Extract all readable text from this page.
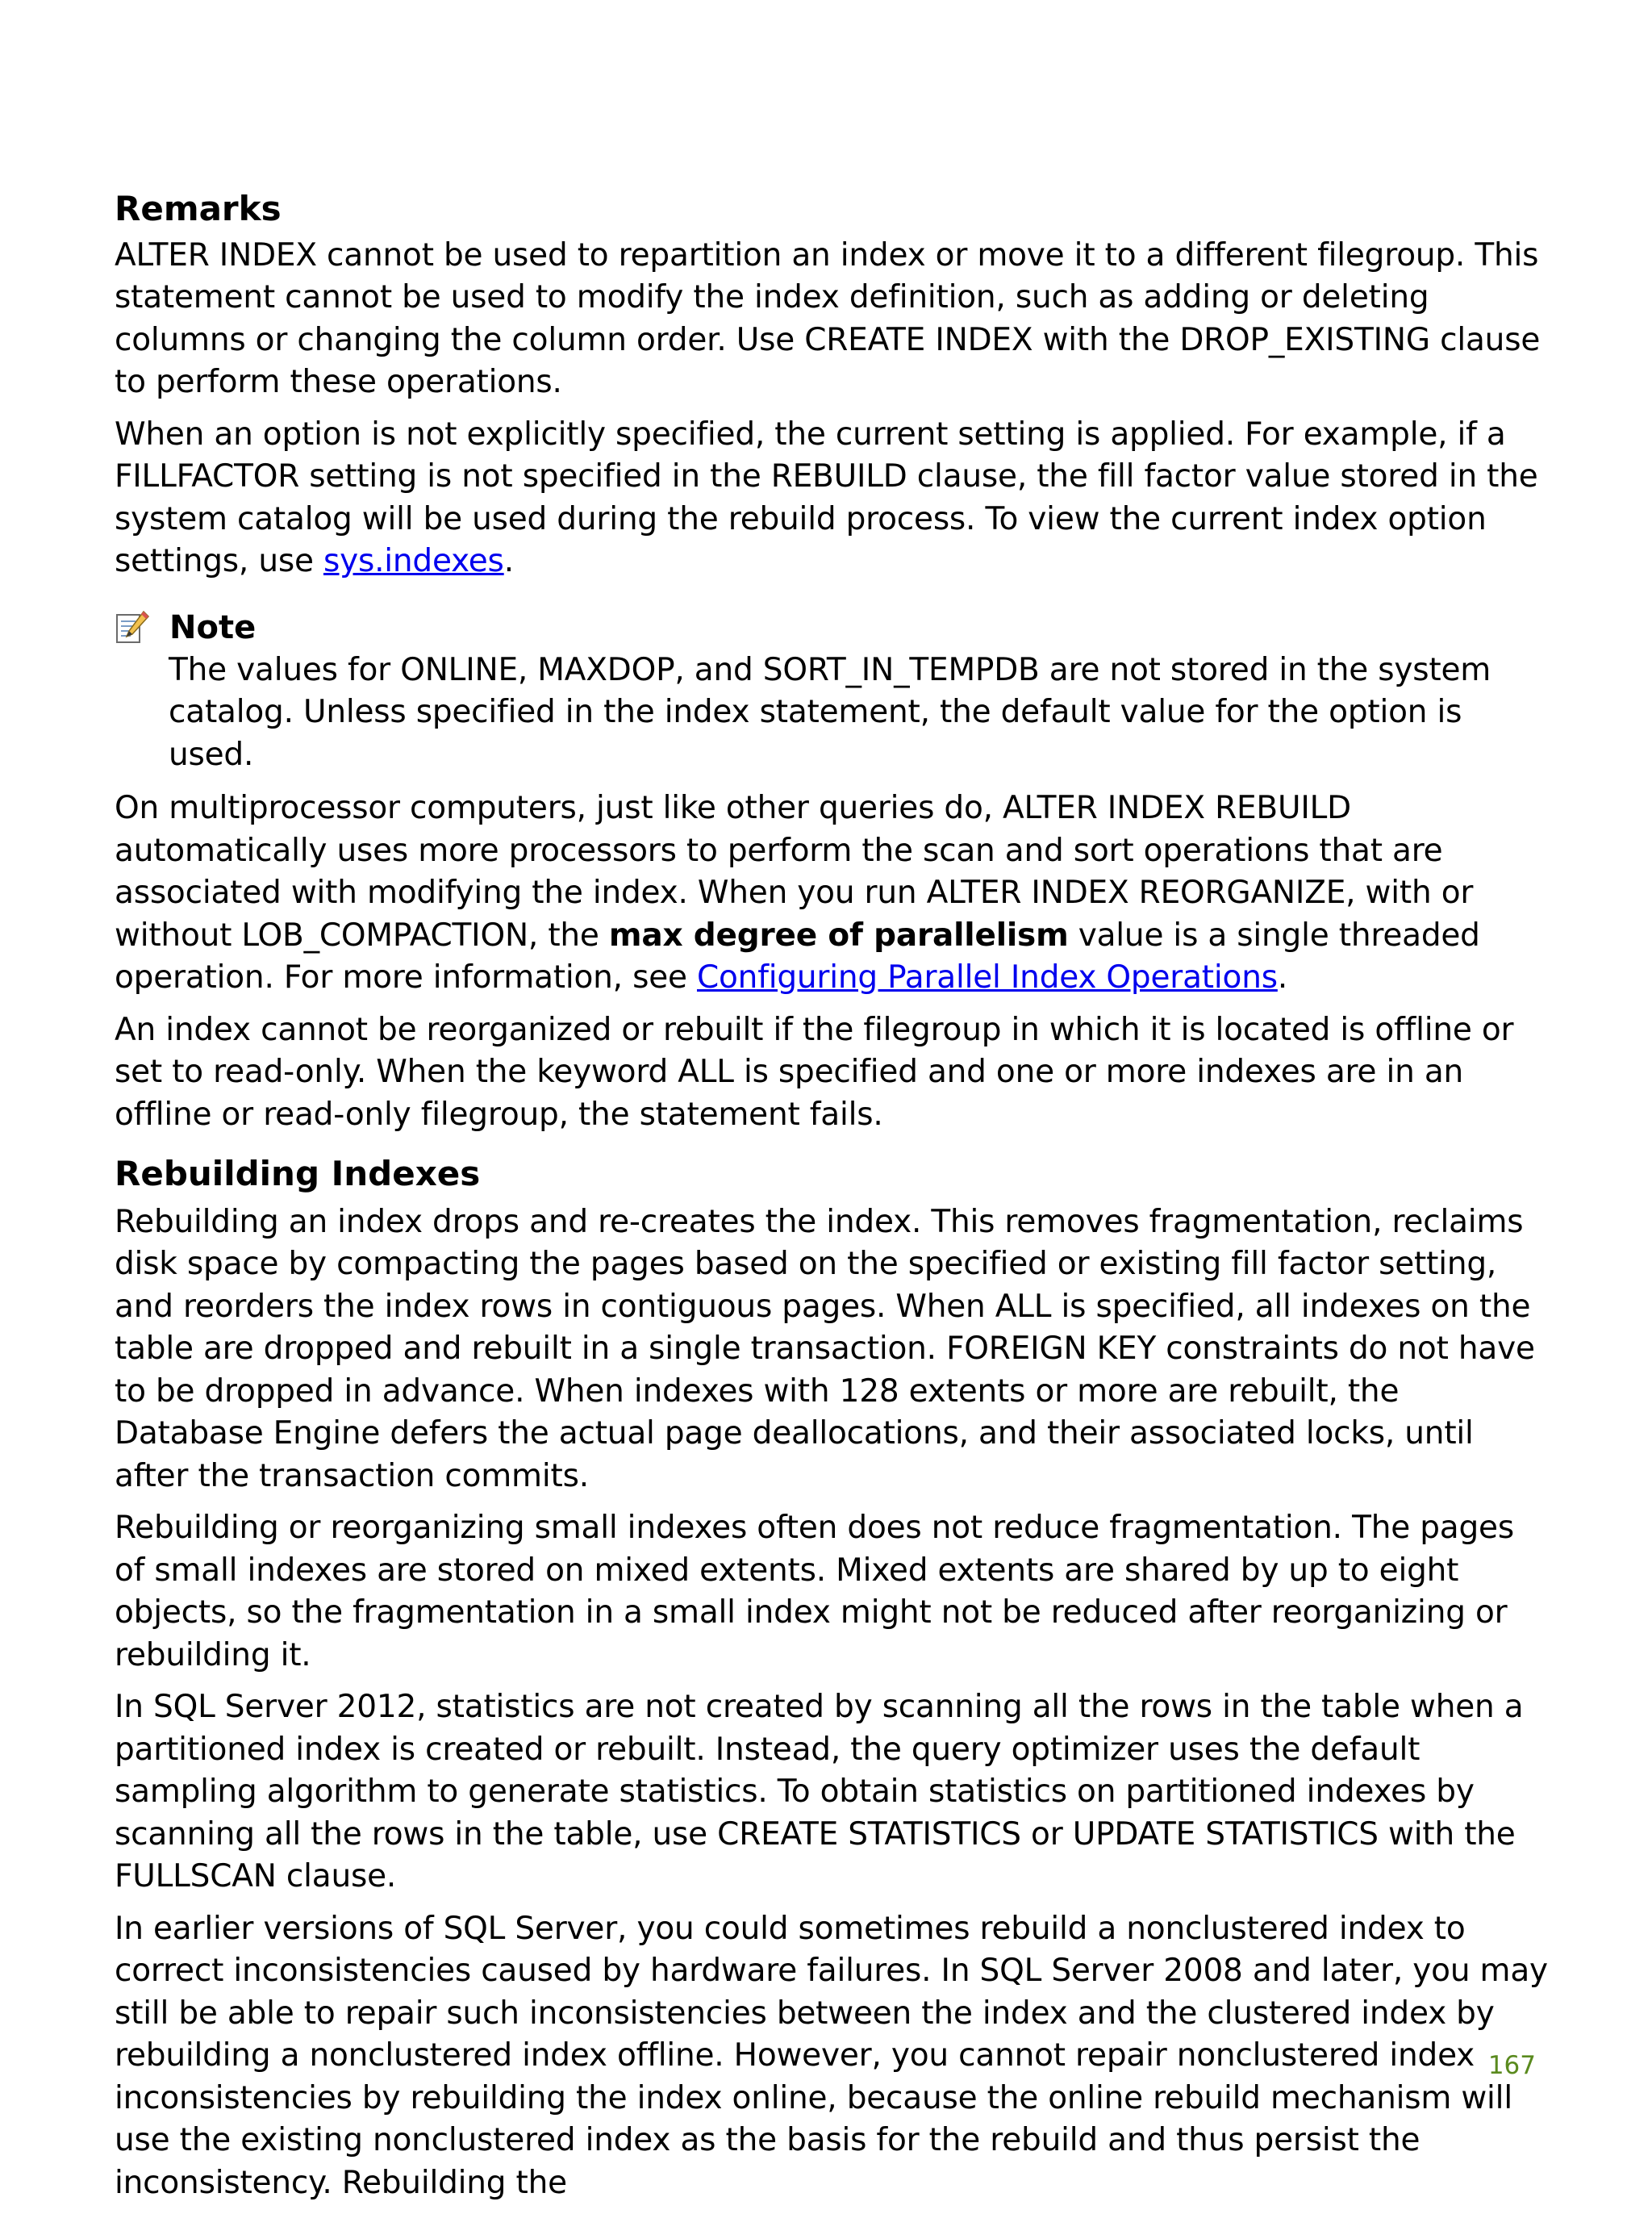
Remarks

ALTER INDEX cannot be used to repartition an index or move it to a different filegroup. This statement cannot be used to modify the index definition, such as adding or deleting columns or changing the column order. Use CREATE INDEX with the DROP_EXISTING clause to perform these operations.

When an option is not explicitly specified, the current setting is applied. For example, if a FILLFACTOR setting is not specified in the REBUILD clause, the fill factor value stored in the system catalog will be used during the rebuild process. To view the current index option settings, use sys.indexes.

Note

The values for ONLINE, MAXDOP, and SORT_IN_TEMPDB are not stored in the system catalog. Unless specified in the index statement, the default value for the option is used.

On multiprocessor computers, just like other queries do, ALTER INDEX REBUILD automatically uses more processors to perform the scan and sort operations that are associated with modifying the index. When you run ALTER INDEX REORGANIZE, with or without LOB_COMPACTION, the max degree of parallelism value is a single threaded operation. For more information, see Configuring Parallel Index Operations.

An index cannot be reorganized or rebuilt if the filegroup in which it is located is offline or set to read-only. When the keyword ALL is specified and one or more indexes are in an offline or read-only filegroup, the statement fails.

Rebuilding Indexes

Rebuilding an index drops and re-creates the index. This removes fragmentation, reclaims disk space by compacting the pages based on the specified or existing fill factor setting, and reorders the index rows in contiguous pages. When ALL is specified, all indexes on the table are dropped and rebuilt in a single transaction. FOREIGN KEY constraints do not have to be dropped in advance. When indexes with 128 extents or more are rebuilt, the Database Engine defers the actual page deallocations, and their associated locks, until after the transaction commits.

Rebuilding or reorganizing small indexes often does not reduce fragmentation. The pages of small indexes are stored on mixed extents. Mixed extents are shared by up to eight objects, so the fragmentation in a small index might not be reduced after reorganizing or rebuilding it.

In SQL Server 2012, statistics are not created by scanning all the rows in the table when a partitioned index is created or rebuilt. Instead, the query optimizer uses the default sampling algorithm to generate statistics. To obtain statistics on partitioned indexes by scanning all the rows in the table, use CREATE STATISTICS or UPDATE STATISTICS with the FULLSCAN clause.

In earlier versions of SQL Server, you could sometimes rebuild a nonclustered index to correct inconsistencies caused by hardware failures. In SQL Server 2008 and later, you may still be able to repair such inconsistencies between the index and the clustered index by rebuilding a nonclustered index offline. However, you cannot repair nonclustered index inconsistencies by rebuilding the index online, because the online rebuild mechanism will use the existing nonclustered index as the basis for the rebuild and thus persist the inconsistency. Rebuilding the

167
